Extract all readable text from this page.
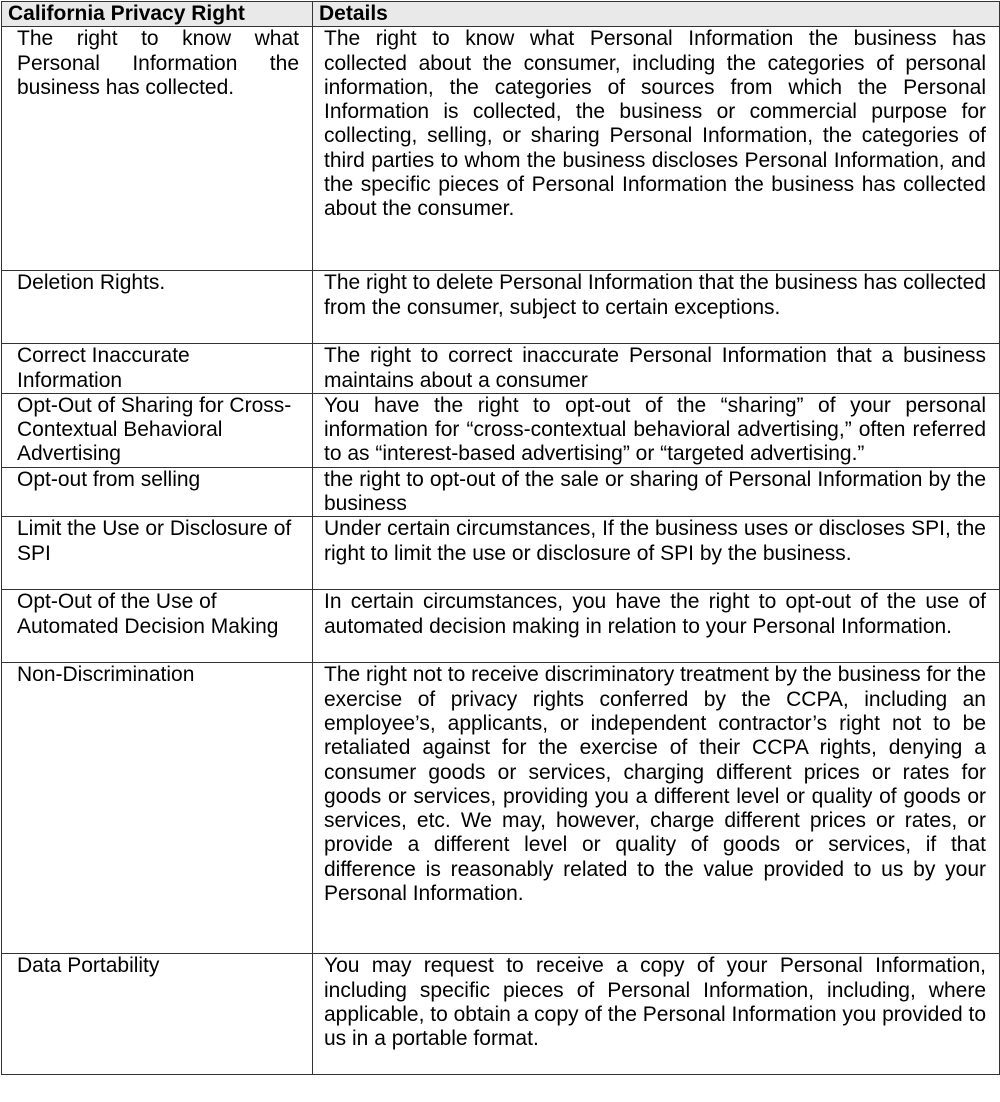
California Privacy Right	Details
The right to know what Personal Information the business has collected.	The right to know what Personal Information the business has collected about the consumer, including the categories of personal information, the categories of sources from which the Personal Information is collected, the business or commercial purpose for collecting, selling, or sharing Personal Information, the categories of third parties to whom the business discloses Personal Information, and the specific pieces of Personal Information the business has collected about the consumer.
Deletion Rights.	The right to delete Personal Information that the business has collected from the consumer, subject to certain exceptions.
Correct Inaccurate Information	The right to correct inaccurate Personal Information that a business maintains about a consumer
Opt-Out of Sharing for Cross-Contextual Behavioral Advertising	You have the right to opt-out of the “sharing” of your personal information for “cross-contextual behavioral advertising,” often referred to as “interest-based advertising” or “targeted advertising.”
Opt-out from selling	the right to opt-out of the sale or sharing of Personal Information by the business
Limit the Use or Disclosure of SPI	Under certain circumstances, If the business uses or discloses SPI, the right to limit the use or disclosure of SPI by the business.
Opt-Out of the Use of Automated Decision Making	In certain circumstances, you have the right to opt-out of the use of automated decision making in relation to your Personal Information.
Non-Discrimination	The right not to receive discriminatory treatment by the business for the exercise of privacy rights conferred by the CCPA, including an employee’s, applicants, or independent contractor’s right not to be retaliated against for the exercise of their CCPA rights, denying a consumer goods or services, charging different prices or rates for goods or services, providing you a different level or quality of goods or services, etc. We may, however, charge different prices or rates, or provide a different level or quality of goods or services, if that difference is reasonably related to the value provided to us by your Personal Information.
Data Portability	You may request to receive a copy of your Personal Information, including specific pieces of Personal Information, including, where applicable, to obtain a copy of the Personal Information you provided to us in a portable format.
